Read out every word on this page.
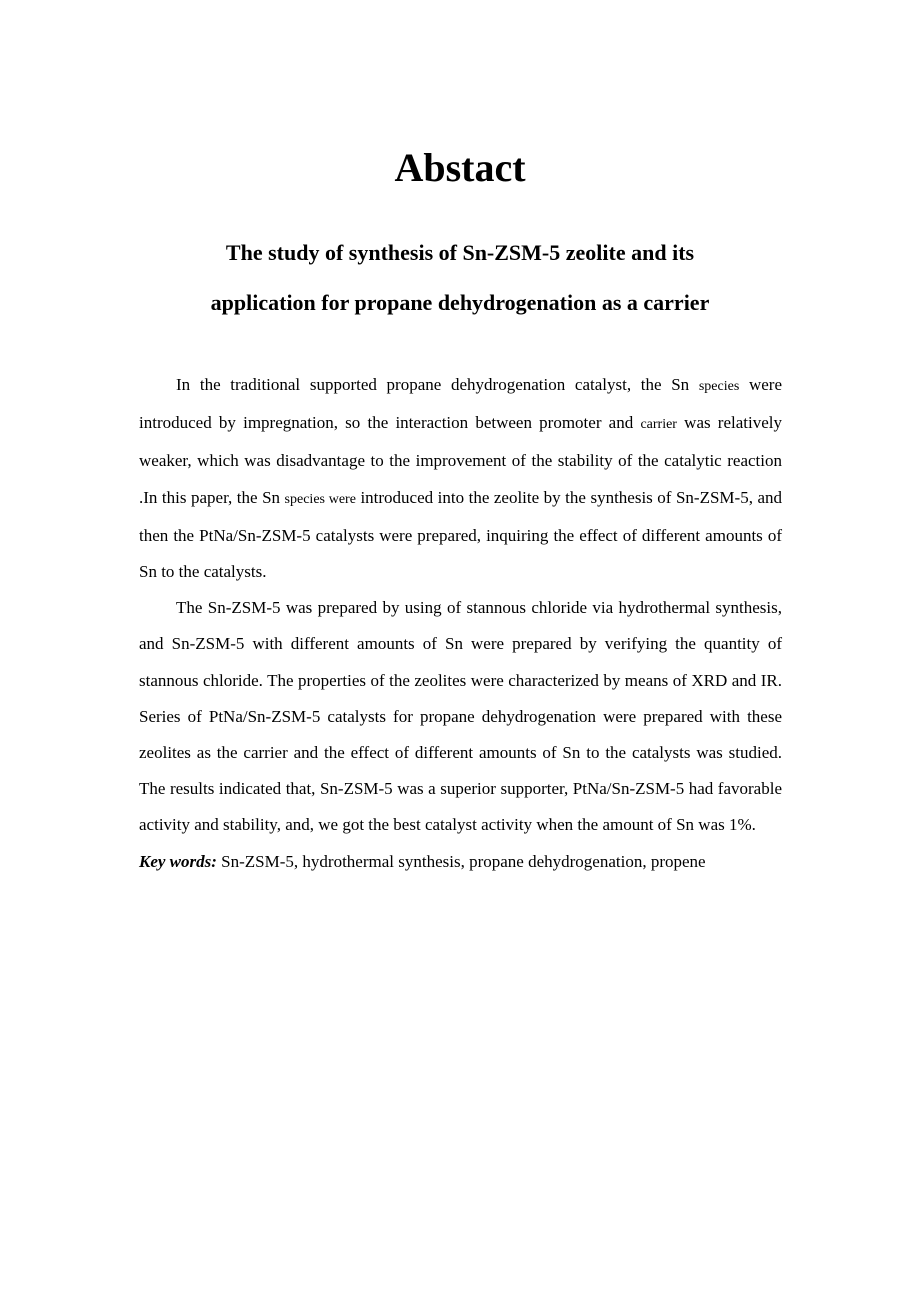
Abstact
The study of synthesis of Sn-ZSM-5 zeolite and its
application for propane dehydrogenation as a carrier

In the traditional supported propane dehydrogenation catalyst, the Sn species were introduced by impregnation, so the interaction between promoter and carrier was relatively weaker, which was disadvantage to the improvement of the stability of the catalytic reaction .In this paper, the Sn species were introduced into the zeolite by the synthesis of Sn-ZSM-5, and then the PtNa/Sn-ZSM-5 catalysts were prepared, inquiring the effect of different amounts of Sn to the catalysts.

The Sn-ZSM-5 was prepared by using of stannous chloride via hydrothermal synthesis, and Sn-ZSM-5 with different amounts of Sn were prepared by verifying the quantity of stannous chloride. The properties of the zeolites were characterized by means of XRD and IR. Series of PtNa/Sn-ZSM-5 catalysts for propane dehydrogenation were prepared with these zeolites as the carrier and the effect of different amounts of Sn to the catalysts was studied. The results indicated that, Sn-ZSM-5 was a superior supporter, PtNa/Sn-ZSM-5 had favorable activity and stability, and, we got the best catalyst activity when the amount of Sn was 1%.

Key words: Sn-ZSM-5, hydrothermal synthesis, propane dehydrogenation, propene
